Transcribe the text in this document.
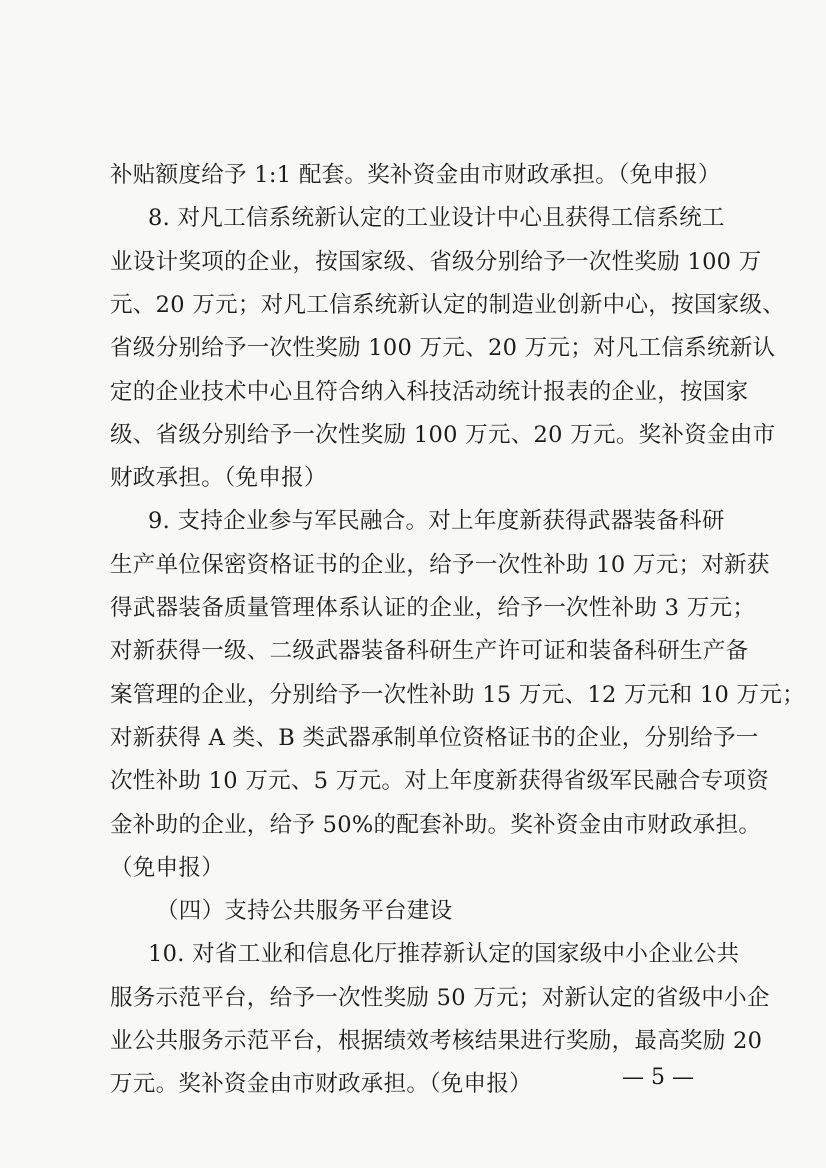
补贴额度给予 1:1 配套。奖补资金由市财政承担。（免申报）
8. 对凡工信系统新认定的工业设计中心且获得工信系统工
业设计奖项的企业，按国家级、省级分别给予一次性奖励 100 万
元、20 万元；对凡工信系统新认定的制造业创新中心，按国家级、
省级分别给予一次性奖励 100 万元、20 万元；对凡工信系统新认
定的企业技术中心且符合纳入科技活动统计报表的企业，按国家
级、省级分别给予一次性奖励 100 万元、20 万元。奖补资金由市
财政承担。（免申报）
9. 支持企业参与军民融合。对上年度新获得武器装备科研
生产单位保密资格证书的企业，给予一次性补助 10 万元；对新获
得武器装备质量管理体系认证的企业，给予一次性补助 3 万元；
对新获得一级、二级武器装备科研生产许可证和装备科研生产备
案管理的企业，分别给予一次性补助 15 万元、12 万元和 10 万元；
对新获得 A 类、B 类武器承制单位资格证书的企业，分别给予一
次性补助 10 万元、5 万元。对上年度新获得省级军民融合专项资
金补助的企业，给予 50%的配套补助。奖补资金由市财政承担。
（免申报）
（四）支持公共服务平台建设
10. 对省工业和信息化厅推荐新认定的国家级中小企业公共
服务示范平台，给予一次性奖励 50 万元；对新认定的省级中小企
业公共服务示范平台，根据绩效考核结果进行奖励，最高奖励 20
万元。奖补资金由市财政承担。（免申报）	— 5 —
